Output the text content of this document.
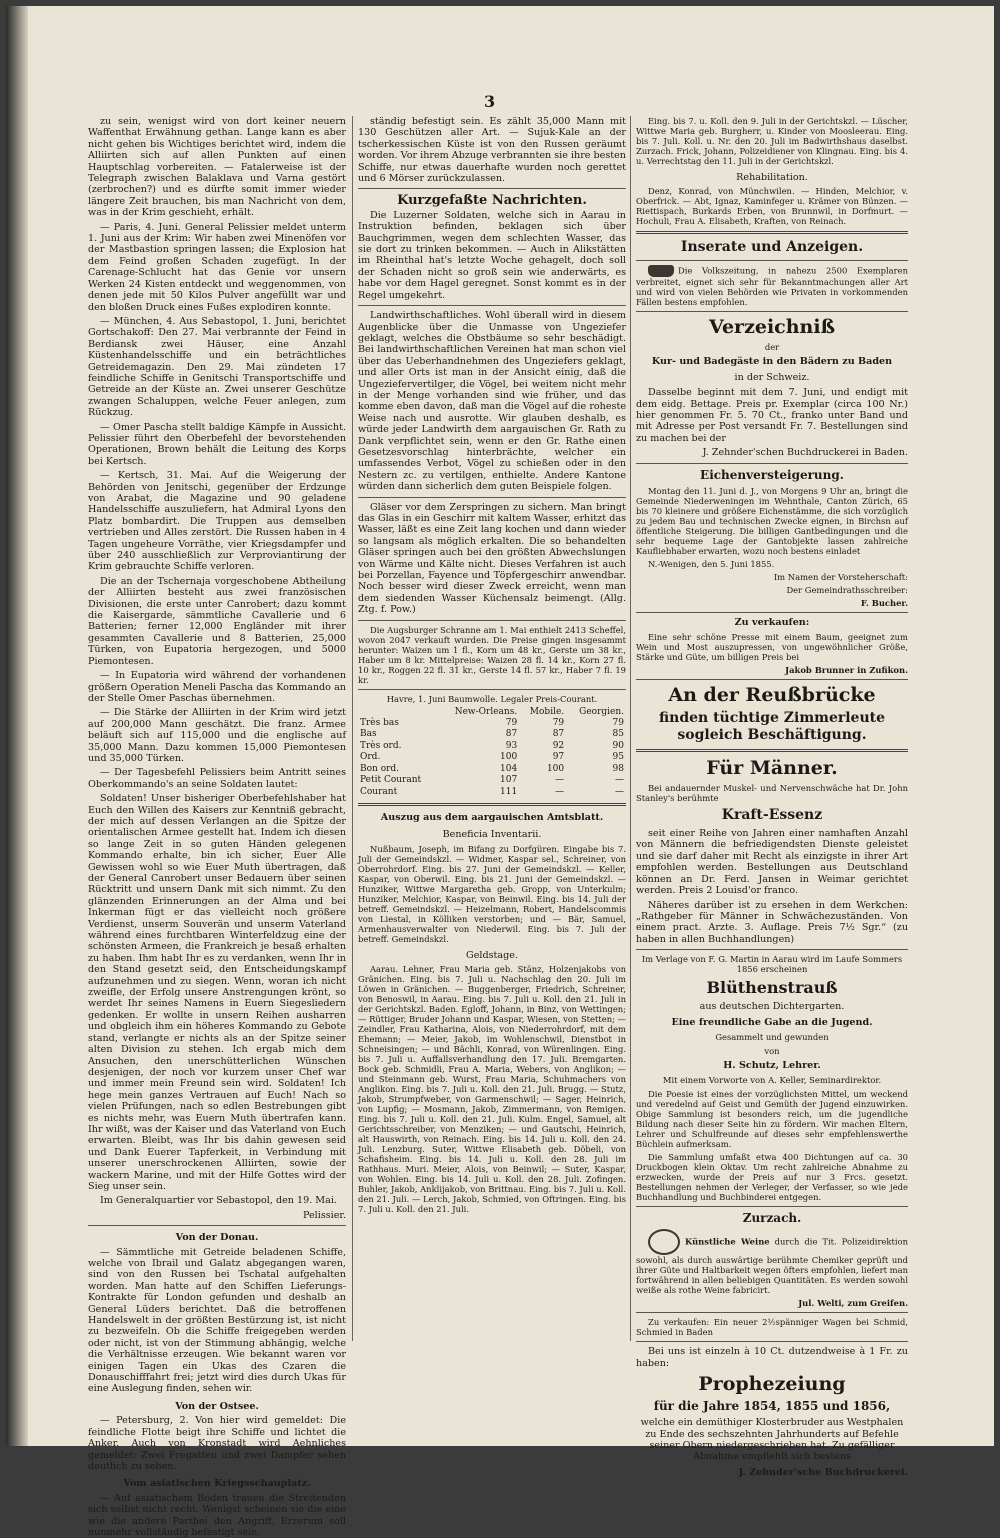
3

zu sein, wenigst wird von dort keiner neuern Waffenthat Erwähnung gethan. Lange kann es aber nicht gehen bis Wichtiges berichtet wird, indem die Alliirten sich auf allen Punkten auf einen Hauptschlag vorbereiten. — Fatalerweise ist der Telegraph zwischen Balaklava und Varna gestört (zerbrochen?) und es dürfte somit immer wieder längere Zeit brauchen, bis man Nachricht von dem, was in der Krim geschieht, erhält.

— Paris, 4. Juni. General Pelissier meldet unterm 1. Juni aus der Krim: Wir haben zwei Minenöfen vor der Mastbastion springen lassen; die Explosion hat dem Feind großen Schaden zugefügt. In der Carenage-Schlucht hat das Genie vor unsern Werken 24 Kisten entdeckt und weggenommen, von denen jede mit 50 Kilos Pulver angefüllt war und den bloßen Druck eines Fußes explodiren konnte.

— München, 4. Aus Sebastopol, 1. Juni, berichtet Gortschakoff: Den 27. Mai verbrannte der Feind in Berdiansk zwei Häuser, eine Anzahl Küstenhandelsschiffe und ein beträchtliches Getreidemagazin. Den 29. Mai zündeten 17 feindliche Schiffe in Genitschi Transportschiffe und Getreide an der Küste an. Zwei unserer Geschütze zwangen Schaluppen, welche Feuer anlegen, zum Rückzug.

— Omer Pascha stellt baldige Kämpfe in Aussicht. Pelissier führt den Oberbefehl der bevorstehenden Operationen, Brown behält die Leitung des Korps bei Kertsch.

— Kertsch, 31. Mai. Auf die Weigerung der Behörden von Jenitschi, gegenüber der Erdzunge von Arabat, die Magazine und 90 geladene Handelsschiffe auszuliefern, hat Admiral Lyons den Platz bombardirt. Die Truppen aus demselben vertrieben und Alles zerstört. Die Russen haben in 4 Tagen ungeheure Vorräthe, vier Kriegsdampfer und über 240 ausschließlich zur Verproviantirung der Krim gebrauchte Schiffe verloren.

Die an der Tschernaja vorgeschobene Abtheilung der Alliirten besteht aus zwei französischen Divisionen, die erste unter Canrobert; dazu kommt die Kaisergarde, sämmtliche Cavallerie und 6 Batterien; ferner 12,000 Engländer mit ihrer gesammten Cavallerie und 8 Batterien, 25,000 Türken, von Eupatoria hergezogen, und 5000 Piemontesen.

— In Eupatoria wird während der vorhandenen größern Operation Meneli Pascha das Kommando an der Stelle Omer Paschas übernehmen.

— Die Stärke der Alliirten in der Krim wird jetzt auf 200,000 Mann geschätzt. Die franz. Armee beläuft sich auf 115,000 und die englische auf 35,000 Mann. Dazu kommen 15,000 Piemontesen und 35,000 Türken.

— Der Tagesbefehl Pelissiers beim Antritt seines Oberkommando's an seine Soldaten lautet:

Soldaten! Unser bisheriger Oberbefehlshaber hat Euch den Willen des Kaisers zur Kenntniß gebracht, der mich auf dessen Verlangen an die Spitze der orientalischen Armee gestellt hat. Indem ich diesen so lange Zeit in so guten Händen gelegenen Kommando erhalte, bin ich sicher, Euer Alle Gewissen wohl so wie Euer Muth übertragen, daß der General Canrobert unser Bedauern über seinen Rücktritt und unsern Dank mit sich nimmt. Zu den glänzenden Erinnerungen an der Alma und bei Inkerman fügt er das vielleicht noch größere Verdienst, unserm Souverän und unserm Vaterland während eines furchtbaren Winterfeldzug eine der schönsten Armeen, die Frankreich je besaß erhalten zu haben. Ihm habt Ihr es zu verdanken, wenn Ihr in den Stand gesetzt seid, den Entscheidungskampf aufzunehmen und zu siegen. Wenn, woran ich nicht zweifle, der Erfolg unsere Anstrengungen krönt, so werdet Ihr seines Namens in Euern Siegesliedern gedenken. Er wollte in unsern Reihen ausharren und obgleich ihm ein höheres Kommando zu Gebote stand, verlangte er nichts als an der Spitze seiner alten Division zu stehen. Ich ergab mich dem Ansuchen, den unerschütterlichen Wünschen desjenigen, der noch vor kurzem unser Chef war und immer mein Freund sein wird. Soldaten! Ich hege mein ganzes Vertrauen auf Euch! Nach so vielen Prüfungen, nach so edlen Bestrebungen gibt es nichts mehr, was Euern Muth übertrafen kann. Ihr wißt, was der Kaiser und das Vaterland von Euch erwarten. Bleibt, was Ihr bis dahin gewesen seid und Dank Euerer Tapferkeit, in Verbindung mit unserer unerschrockenen Alliirten, sowie der wackern Marine, und mit der Hilfe Gottes wird der Sieg unser sein.

Im Generalquartier vor Sebastopol, den 19. Mai.

Pelissier.

Von der Donau.

— Sämmtliche mit Getreide beladenen Schiffe, welche von Ibrail und Galatz abgegangen waren, sind von den Russen bei Tschatal aufgehalten worden. Man hatte auf den Schiffen Lieferungs-Kontrakte für London gefunden und deshalb an General Lüders berichtet. Daß die betroffenen Handelswelt in der größten Bestürzung ist, ist nicht zu bezweifeln. Ob die Schiffe freigegeben werden oder nicht, ist von der Stimmung abhängig, welche die Verhältnisse erzeugen. Wie bekannt waren vor einigen Tagen ein Ukas des Czaren die Donauschifffahrt frei; jetzt wird dies durch Ukas für eine Auslegung finden, sehen wir.

Von der Ostsee.

— Petersburg, 2. Von hier wird gemeldet: Die feindliche Flotte beigt ihre Schiffe und lichtet die Anker. Auch von Kronstadt wird Aehnliches gemeldet: Zwei Fregatten und zwei Dampfer sehen deutlich zu sehen.

Vom asiatischen Kriegsschauplatz.

— Auf asiatischem Boden trauen die Streitenden sich selbst nicht recht. Wenigst scheinen sie die eine wie die andere Parthei den Angriff. Erzerum soll nunmehr vollständig befestigt sein.

ständig befestigt sein. Es zählt 35,000 Mann mit 130 Geschützen aller Art. — Sujuk-Kale an der tscherkessischen Küste ist von den Russen geräumt worden. Vor ihrem Abzuge verbrannten sie ihre besten Schiffe, nur etwas dauerhafte wurden noch gerettet und 6 Mörser zurückzulassen.

Kurzgefaßte Nachrichten.

Die Luzerner Soldaten, welche sich in Aarau in Instruktion befinden, beklagen sich über Bauchgrimmen, wegen dem schlechten Wasser, das sie dort zu trinken bekommen. — Auch in Alikstätten im Rheinthal hat's letzte Woche gehagelt, doch soll der Schaden nicht so groß sein wie anderwärts, es habe vor dem Hagel geregnet. Sonst kommt es in der Regel umgekehrt.

Landwirthschaftliches. Wohl überall wird in diesem Augenblicke über die Unmasse von Ungeziefer geklagt, welches die Obstbäume so sehr beschädigt. Bei landwirthschaftlichen Vereinen hat man schon viel über das Ueberhandnehmen des Ungeziefers geklagt, und aller Orts ist man in der Ansicht einig, daß die Ungeziefervertilger, die Vögel, bei weitem nicht mehr in der Menge vorhanden sind wie früher, und das komme eben davon, daß man die Vögel auf die roheste Weise nach und ausrotte. Wir glauben deshalb, es würde jeder Landwirth dem aargauischen Gr. Rath zu Dank verpflichtet sein, wenn er den Gr. Rathe einen Gesetzesvorschlag hinterbrächte, welcher ein umfassendes Verbot, Vögel zu schießen oder in den Nestern zc. zu vertilgen, enthielte. Andere Kantone würden dann sicherlich dem guten Beispiele folgen.

Gläser vor dem Zerspringen zu sichern. Man bringt das Glas in ein Geschirr mit kaltem Wasser, erhitzt das Wasser, läßt es eine Zeit lang kochen und dann wieder so langsam als möglich erkalten. Die so behandelten Gläser springen auch bei den größten Abwechslungen von Wärme und Kälte nicht. Dieses Verfahren ist auch bei Porzellan, Fayence und Töpfergeschirr anwendbar. Noch besser wird dieser Zweck erreicht, wenn man dem siedenden Wasser Küchensalz beimengt. (Allg. Ztg. f. Pow.)

Die Augsburger Schranne am 1. Mai enthielt 2413 Scheffel, wovon 2047 verkauft wurden. Die Preise gingen insgesammt herunter: Waizen um 1 fl., Korn um 48 kr., Gerste um 38 kr., Haber um 8 kr. Mittelpreise: Waizen 28 fl. 14 kr., Korn 27 fl. 10 kr., Roggen 22 fl. 31 kr., Gerste 14 fl. 57 kr., Haber 7 fl. 19 kr.

Havre, 1. Juni Baumwolle. Legaler Preis-Courant.

	New-Orleans.	Mobile.	Georgien.
Très bas	79	79	79
Bas	87	87	85
Très ord.	93	92	90
Ord.	100	97	95
Bon ord.	104	100	98
Petit Courant	107	—	—
Courant	111	—	—

Auszug aus dem aargauischen Amtsblatt.

Beneficia Inventarii.

Nußbaum, Joseph, im Bifang zu Dorfgüren. Eingabe bis 7. Juli der Gemeindskzl. — Widmer, Kaspar sel., Schreiner, von Oberrohrdorf. Eing. bis 27. Juni der Gemeindskzl. — Keller, Kaspar, von Oberwil. Eing. bis 21. Juni der Gemeindskzl. — Hunziker, Wittwe Margaretha geb. Gropp, von Unterkulm; Hunziker, Melchior, Kaspar, von Beinwil. Eing. bis 14. Juli der betreff. Gemeindskzl. — Heizelmann, Robert, Handelscommis von Liestal, in Kölliken verstorben; und — Bär, Samuel, Armenhausverwalter von Niederwil. Eing. bis 7. Juli der betreff. Gemeindskzl.

Geldstage.

Aarau. Lehner, Frau Maria geb. Stänz, Holzenjakobs von Gränichen. Eing. bis 7. Juli u. Nachschlag den 20. Juli im Löwen in Gränichen. — Buggenberger, Friedrich, Schreiner, von Benoswil, in Aarau. Eing. bis 7. Juli u. Koll. den 21. Juli in der Gerichtskzl. Baden. Egloff, Johann, in Binz, von Wettingen; — Rüttiger, Bruder Johann und Kaspar, Wiesen, von Stetten; — Zeindler, Frau Katharina, Alois, von Niederrohrdorf, mit dem Ehemann; — Meier, Jakob, im Wohlenschwil, Dienstbot in Schneisingen; — und Bächli, Konrad, von Würenlingen. Eing. bis 7. Juli u. Auffallsverhandlung den 17. Juli. Bremgarten. Bock geb. Schmidli, Frau A. Maria, Webers, von Anglikon; — und Steinmann geb. Wurst, Frau Maria, Schuhmachers von Anglikon. Eing. bis 7. Juli u. Koll. den 21. Juli. Brugg. — Stutz, Jakob, Strumpfweber, von Garmenschwil; — Sager, Heinrich, von Lupfig; — Mosmann, Jakob, Zimmermann, von Remigen. Eing. bis 7. Juli u. Koll. den 21. Juli. Kulm. Engel, Samuel, alt Gerichtsschreiber, von Menziken; — und Gautschi, Heinrich, alt Hauswirth, von Reinach. Eing. bis 14. Juli u. Koll. den 24. Juli. Lenzburg. Suter, Wittwe Elisabeth geb. Döbeli, von Schafisheim. Eing. bis 14. Juli u. Koll. den 28. Juli im Rathhaus. Muri. Meier, Alois, von Beinwil; — Suter, Kaspar, von Wohlen. Eing. bis 14. Juli u. Koll. den 28. Juli. Zofingen. Buhler, Jakob, Anklijakob, von Brittnau. Eing. bis 7. Juli u. Koll. den 21. Juli. — Lerch, Jakob, Schmied, von Oftringen. Eing. bis 7. Juli u. Koll. den 21. Juli.

Eing. bis 7. u. Koll. den 9. Juli in der Gerichtskzl. — Lüscher, Wittwe Maria geb. Burgherr, u. Kinder von Moosleerau. Eing. bis 7. Juli. Koll. u. Nr. den 20. Juli im Badwirthshaus daselbst. Zurzach. Frick, Johann, Polizeidiener von Klingnau. Eing. bis 4. u. Verrechtstag den 11. Juli in der Gerichtskzl.

Rehabilitation.

Denz, Konrad, von Münchwilen. — Hinden, Melchior, v. Oberfrick. — Abt, Ignaz, Kaminfeger u. Krämer von Bünzen. — Riettispach, Burkards Erben, von Brunnwil, in Dorfmurt. — Hochuli, Frau A. Elisabeth, Kraften, von Reinach.

Inserate und Anzeigen.

Die Volkszeitung, in nahezu 2500 Exemplaren verbreitet, eignet sich sehr für Bekanntmachungen aller Art und wird von vielen Behörden wie Privaten in vorkommenden Fällen bestens empfohlen.

Verzeichniß
der
Kur- und Badegäste in den Bädern zu Baden
in der Schweiz.

Dasselbe beginnt mit dem 7. Juni, und endigt mit dem eidg. Bettage. Preis pr. Exemplar (circa 100 Nr.) hier genommen Fr. 5. 70 Ct., franko unter Band und mit Adresse per Post versandt Fr. 7. Bestellungen sind zu machen bei der

J. Zehnder'schen Buchdruckerei in Baden.

Eichenversteigerung.

Montag den 11. Juni d. J., von Morgens 9 Uhr an, bringt die Gemeinde Niederweningen im Wehnthale, Canton Zürich, 65 bis 70 kleinere und größere Eichenstämme, die sich vorzüglich zu jedem Bau und technischen Zwecke eignen, in Birchsn auf öffentliche Steigerung. Die billigen Gantbedingungen und die sehr bequeme Lage der Gantobjekte lassen zahlreiche Kaufliebhaber erwarten, wozu noch bestens einladet

N.-Wenigen, den 5. Juni 1855.

Im Namen der Vorsteherschaft:

Der Gemeindrathsschreiber:

F. Bucher.

Zu verkaufen:

Eine sehr schöne Presse mit einem Baum, geeignet zum Wein und Most auszupressen, von ungewöhnlicher Größe, Stärke und Güte, um billigen Preis bei

Jakob Brunner in Zufikon.

An der Reußbrücke
finden tüchtige Zimmerleute sogleich Beschäftigung.
Für Männer.

Bei andauernder Muskel- und Nervenschwäche hat Dr. John Stanley's berühmte

Kraft-Essenz

seit einer Reihe von Jahren einer namhaften Anzahl von Männern die befriedigendsten Dienste geleistet und sie darf daher mit Recht als einzigste in ihrer Art empfohlen werden. Bestellungen aus Deutschland können an Dr. Ferd. Jansen in Weimar gerichtet werden. Preis 2 Louisd'or franco.

Näheres darüber ist zu ersehen in dem Werkchen: „Rathgeber für Männer in Schwächezuständen. Von einem pract. Arzte. 3. Auflage. Preis 7½ Sgr.“ (zu haben in allen Buchhandlungen)

Im Verlage von F. G. Martin in Aarau wird im Laufe Sommers 1856 erscheinen
Blüthenstrauß
aus deutschen Dichtergarten.
Eine freundliche Gabe an die Jugend.
Gesammelt und gewunden
von
H. Schutz, Lehrer.
Mit einem Vorworte von A. Keller, Seminardirektor.

Die Poesie ist eines der vorzüglichsten Mittel, um weckend und veredelnd auf Geist und Gemüth der Jugend einzuwirken. Obige Sammlung ist besonders reich, um die jugendliche Bildung nach dieser Seite hin zu fördern. Wir machen Eltern, Lehrer und Schulfreunde auf dieses sehr empfehlenswerthe Büchlein aufmerksam.

Die Sammlung umfaßt etwa 400 Dichtungen auf ca. 30 Druckbogen klein Oktav. Um recht zahlreiche Abnahme zu erzwecken, wurde der Preis auf nur 3 Frcs. gesetzt. Bestellungen nehmen der Verleger, der Verfasser, so wie jede Buchhandlung und Buchbinderei entgegen.

Zurzach.

Künstliche Weine durch die Tit. Polizeidirektion sowohl, als durch auswärtige berühmte Chemiker geprüft und ihrer Güte und Haltbarkeit wegen öfters empfohlen, liefert man fortwährend in allen beliebigen Quantitäten. Es werden sowohl weiße als rothe Weine fabricirt.

Jul. Welti, zum Greifen.

Zu verkaufen: Ein neuer 2½spänniger Wagen bei Schmid, Schmied in Baden

Bei uns ist einzeln à 10 Ct. dutzendweise à 1 Fr. zu haben:

Prophezeiung
für die Jahre 1854, 1855 und 1856,
welche ein demüthiger Klosterbruder aus Westphalen zu Ende des sechszehnten Jahrhunderts auf Befehle seiner Obern niedergeschrieben hat. Zu gefälliger Abnahme empfiehlt sich bestens

J. Zehnder'sche Buchdruckerei.
